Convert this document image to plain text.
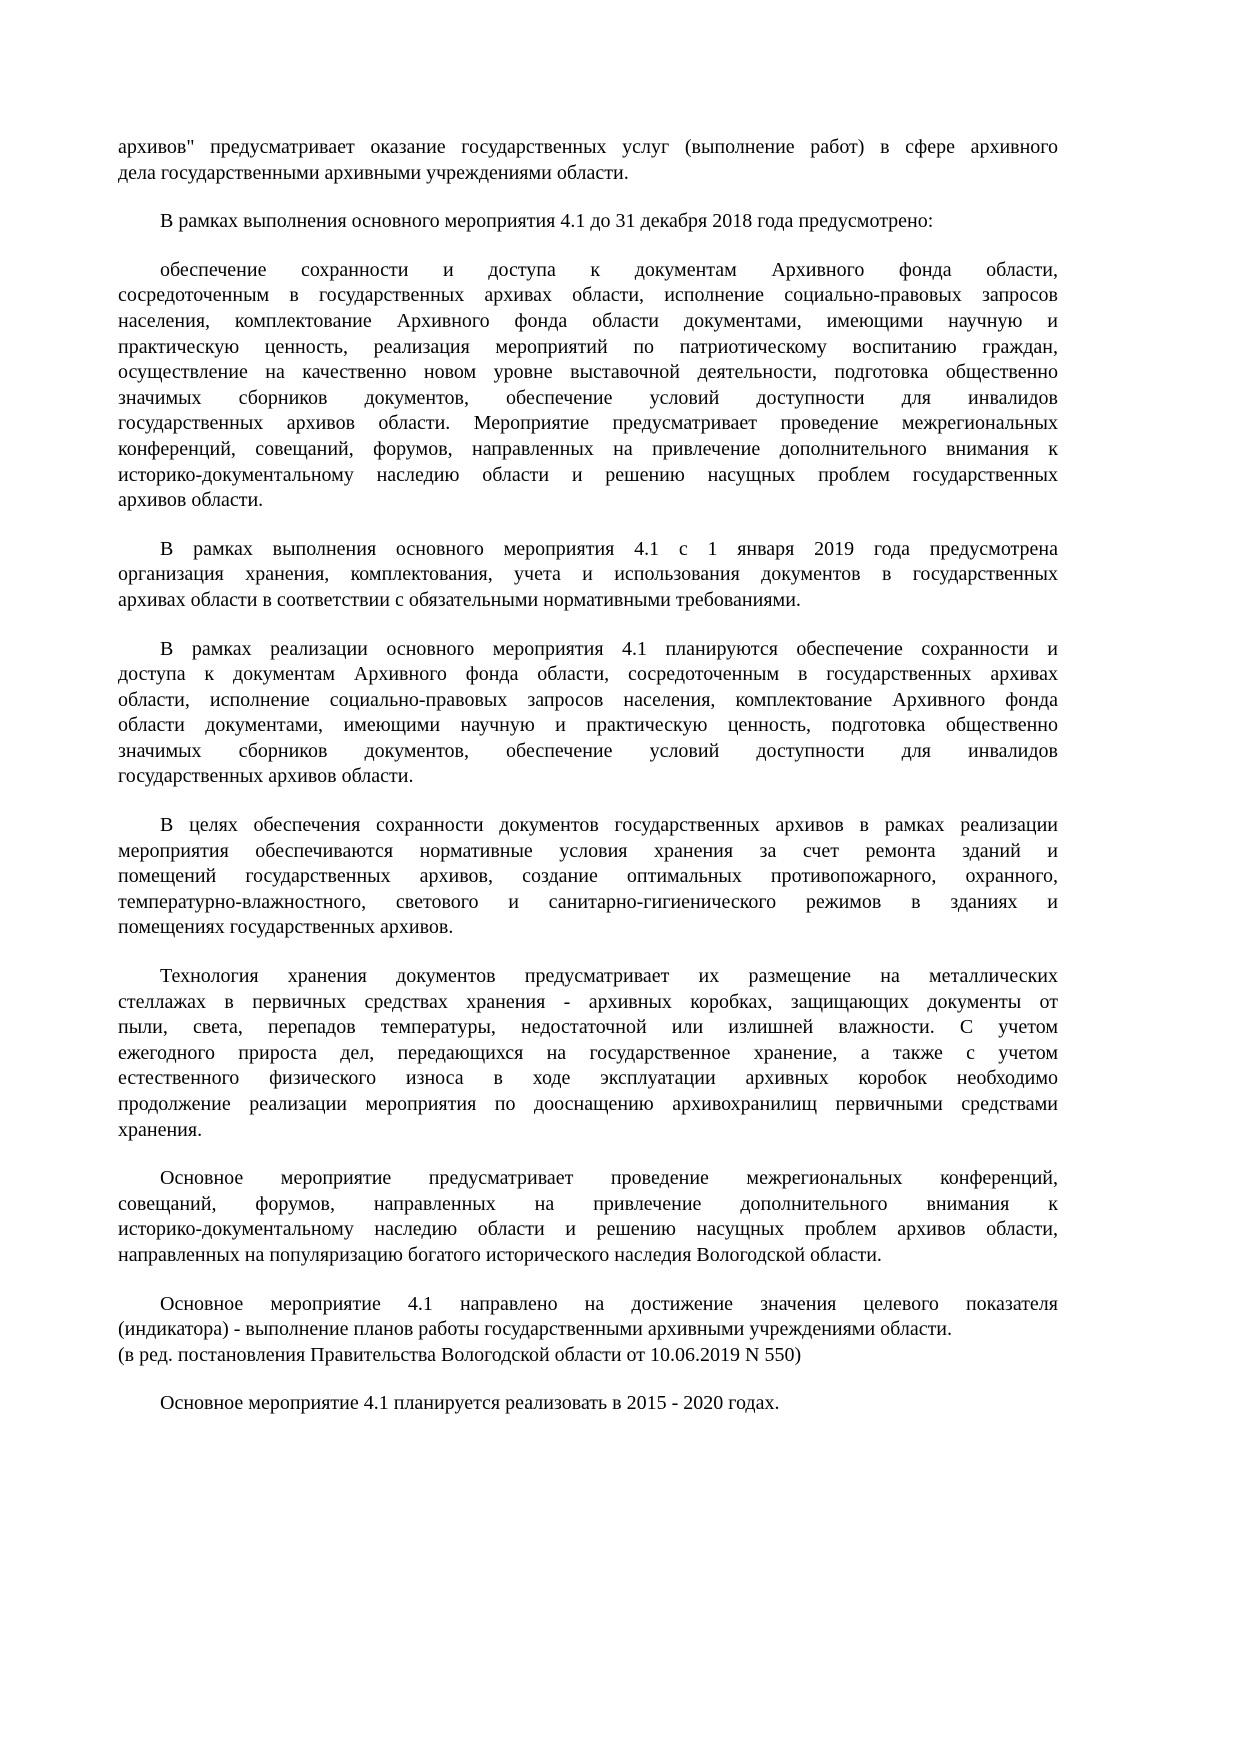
архивов" предусматривает оказание государственных услуг (выполнение работ) в сфере архивного
дела государственными архивными учреждениями области.
В рамках выполнения основного мероприятия 4.1 до 31 декабря 2018 года предусмотрено:
обеспечение сохранности и доступа к документам Архивного фонда области,
сосредоточенным в государственных архивах области, исполнение социально-правовых запросов
населения, комплектование Архивного фонда области документами, имеющими научную и
практическую ценность, реализация мероприятий по патриотическому воспитанию граждан,
осуществление на качественно новом уровне выставочной деятельности, подготовка общественно
значимых сборников документов, обеспечение условий доступности для инвалидов
государственных архивов области. Мероприятие предусматривает проведение межрегиональных
конференций, совещаний, форумов, направленных на привлечение дополнительного внимания к
историко-документальному наследию области и решению насущных проблем государственных
архивов области.
В рамках выполнения основного мероприятия 4.1 с 1 января 2019 года предусмотрена
организация хранения, комплектования, учета и использования документов в государственных
архивах области в соответствии с обязательными нормативными требованиями.
В рамках реализации основного мероприятия 4.1 планируются обеспечение сохранности и
доступа к документам Архивного фонда области, сосредоточенным в государственных архивах
области, исполнение социально-правовых запросов населения, комплектование Архивного фонда
области документами, имеющими научную и практическую ценность, подготовка общественно
значимых сборников документов, обеспечение условий доступности для инвалидов
государственных архивов области.
В целях обеспечения сохранности документов государственных архивов в рамках реализации
мероприятия обеспечиваются нормативные условия хранения за счет ремонта зданий и
помещений государственных архивов, создание оптимальных противопожарного, охранного,
температурно-влажностного, светового и санитарно-гигиенического режимов в зданиях и
помещениях государственных архивов.
Технология хранения документов предусматривает их размещение на металлических
стеллажах в первичных средствах хранения - архивных коробках, защищающих документы от
пыли, света, перепадов температуры, недостаточной или излишней влажности. С учетом
ежегодного прироста дел, передающихся на государственное хранение, а также с учетом
естественного физического износа в ходе эксплуатации архивных коробок необходимо
продолжение реализации мероприятия по дооснащению архивохранилищ первичными средствами
хранения.
Основное мероприятие предусматривает проведение межрегиональных конференций,
совещаний, форумов, направленных на привлечение дополнительного внимания к
историко-документальному наследию области и решению насущных проблем архивов области,
направленных на популяризацию богатого исторического наследия Вологодской области.
Основное мероприятие 4.1 направлено на достижение значения целевого показателя
(индикатора) - выполнение планов работы государственными архивными учреждениями области.
(в ред. постановления Правительства Вологодской области от 10.06.2019 N 550)
Основное мероприятие 4.1 планируется реализовать в 2015 - 2020 годах.
